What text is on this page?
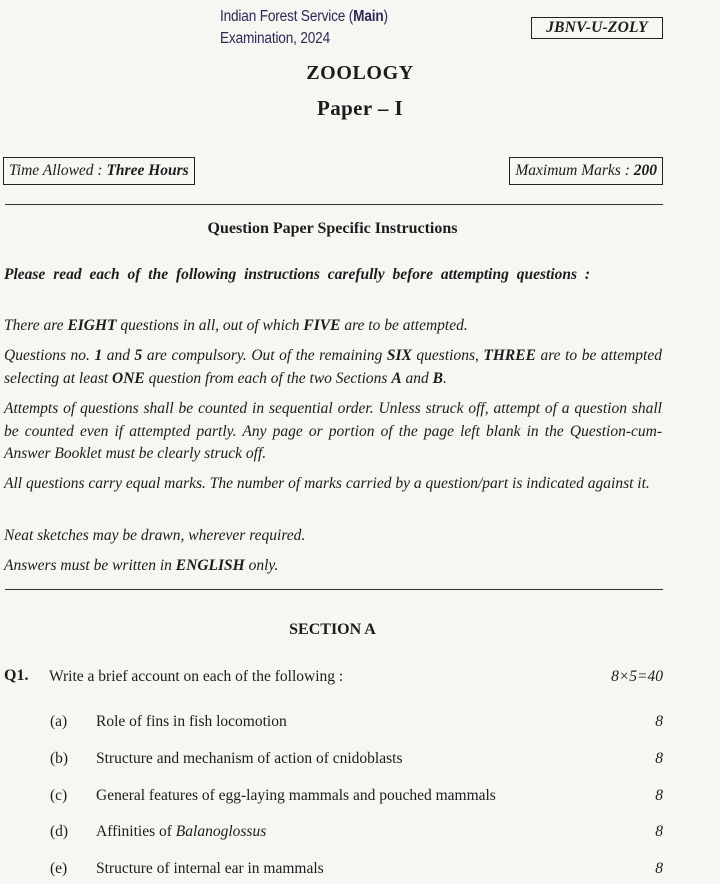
Indian Forest Service (Main)
Examination, 2024
JBNV-U-ZOLY
ZOOLOGY
Paper – I
Time Allowed : Three Hours	Maximum Marks : 200
Question Paper Specific Instructions
Please read each of the following instructions carefully before attempting questions :
There are EIGHT questions in all, out of which FIVE are to be attempted.
Questions no. 1 and 5 are compulsory. Out of the remaining SIX questions, THREE are to be attempted selecting at least ONE question from each of the two Sections A and B.
Attempts of questions shall be counted in sequential order. Unless struck off, attempt of a question shall be counted even if attempted partly. Any page or portion of the page left blank in the Question-cum-Answer Booklet must be clearly struck off.
All questions carry equal marks. The number of marks carried by a question/part is indicated against it.
Neat sketches may be drawn, wherever required.
Answers must be written in ENGLISH only.
SECTION A
Q1. Write a brief account on each of the following :	8×5=40
(a) Role of fins in fish locomotion	8
(b) Structure and mechanism of action of cnidoblasts	8
(c) General features of egg-laying mammals and pouched mammals	8
(d) Affinities of Balanoglossus	8
(e) Structure of internal ear in mammals	8
